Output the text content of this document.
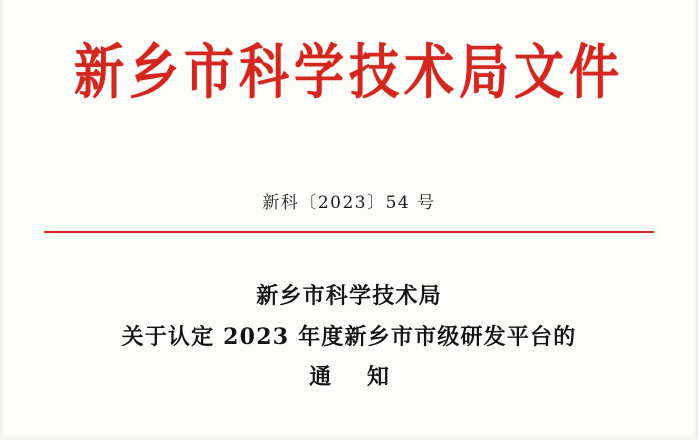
新乡市科学技术局文件
新科〔2023〕54 号
新乡市科学技术局
关于认定 2023 年度新乡市市级研发平台的
通 知
